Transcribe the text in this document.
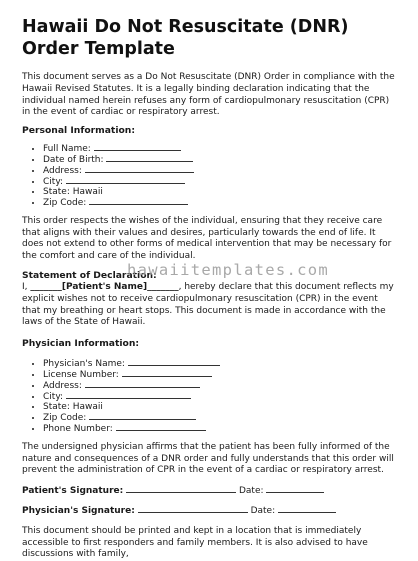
Hawaii Do Not Resuscitate (DNR) Order Template

This document serves as a Do Not Resuscitate (DNR) Order in compliance with the Hawaii Revised Statutes. It is a legally binding declaration indicating that the individual named herein refuses any form of cardiopulmonary resuscitation (CPR) in the event of cardiac or respiratory arrest.

Personal Information:
• Full Name:
• Date of Birth:
• Address:
• City:
• State: Hawaii
• Zip Code:

This order respects the wishes of the individual, ensuring that they receive care that aligns with their values and desires, particularly towards the end of life. It does not extend to other forms of medical intervention that may be necessary for the comfort and care of the individual.

Statement of Declaration:

I, _______[Patient's Name]_______, hereby declare that this document reflects my explicit wishes not to receive cardiopulmonary resuscitation (CPR) in the event that my breathing or heart stops. This document is made in accordance with the laws of the State of Hawaii.

Physician Information:
• Physician's Name:
• License Number:
• Address:
• City:
• State: Hawaii
• Zip Code:
• Phone Number:

The undersigned physician affirms that the patient has been fully informed of the nature and consequences of a DNR order and fully understands that this order will prevent the administration of CPR in the event of a cardiac or respiratory arrest.

Patient's Signature:	Date:

Physician's Signature:	Date:

This document should be printed and kept in a location that is immediately accessible to first responders and family members. It is also advised to have discussions with family,

hawaiitemplates.com
